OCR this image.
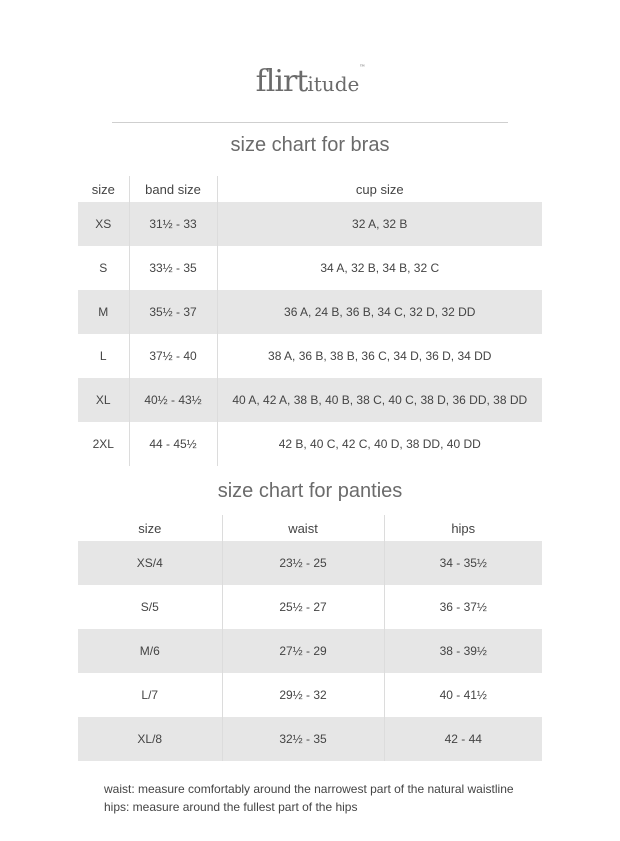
flirtitude™
size chart for bras
size	band size	cup size
XS	31½ - 33	32 A, 32 B
S	33½ - 35	34 A, 32 B, 34 B, 32 C
M	35½ - 37	36 A, 24 B, 36 B, 34 C, 32 D, 32 DD
L	37½ - 40	38 A, 36 B, 38 B, 36 C, 34 D, 36 D, 34 DD
XL	40½ - 43½	40 A, 42 A, 38 B, 40 B, 38 C, 40 C, 38 D, 36 DD, 38 DD
2XL	44 - 45½	42 B, 40 C, 42 C, 40 D, 38 DD, 40 DD
size chart for panties
size	waist	hips
XS/4	23½ - 25	34 - 35½
S/5	25½ - 27	36 - 37½
M/6	27½ - 29	38 - 39½
L/7	29½ - 32	40 - 41½
XL/8	32½ - 35	42 - 44
waist: measure comfortably around the narrowest part of the natural waistline
hips: measure around the fullest part of the hips
